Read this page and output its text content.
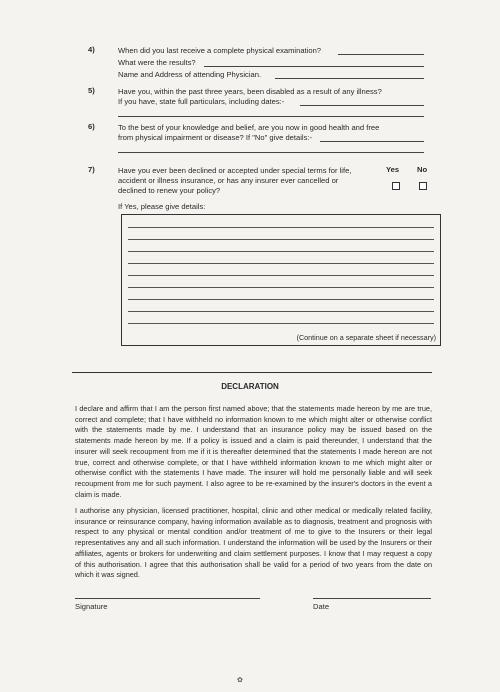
4)	When did you last receive a complete physical examination?
What were the results?
Name and Address of attending Physician.
5)	Have you, within the past three years, been disabled as a result of any illness?
If you have, state full particulars, including dates:-
6)	To the best of your knowledge and belief, are you now in good health and free
from physical impairment or disease? If "No" give details:-
7)	Have you ever been declined or accepted under special terms for life,
accident or illness insurance, or has any insurer ever cancelled or
declined to renew your policy?
Yes No
If Yes, please give details:
(Continue on a separate sheet if necessary)
DECLARATION
I declare and affirm that I am the person first named above; that the statements made hereon by me are true, correct and complete; that I have withheld no information known to me which might alter or otherwise conflict with the statements made by me. I understand that an insurance policy may be issued based on the statements made hereon by me. If a policy is issued and a claim is paid thereunder, I understand that the insurer will seek recoupment from me if it is thereafter determined that the statements I made hereon are not true, correct and otherwise complete, or that I have withheld information known to me which might alter or otherwise conflict with the statements I have made. The insurer will hold me personally liable and will seek recoupment from me for such payment. I also agree to be re-examined by the insurer's doctors in the event a claim is made.
I authorise any physician, licensed practitioner, hospital, clinic and other medical or medically related facility, insurance or reinsurance company, having information available as to diagnosis, treatment and prognosis with respect to any physical or mental condition and/or treatment of me to give to the Insurers or their legal representatives any and all such information. I understand the information will be used by the Insurers or their affiliates, agents or brokers for underwriting and claim settlement purposes. I know that I may request a copy of this authorisation. I agree that this authorisation shall be valid for a period of two years from the date on which it was signed.
Signature	Date
✿
